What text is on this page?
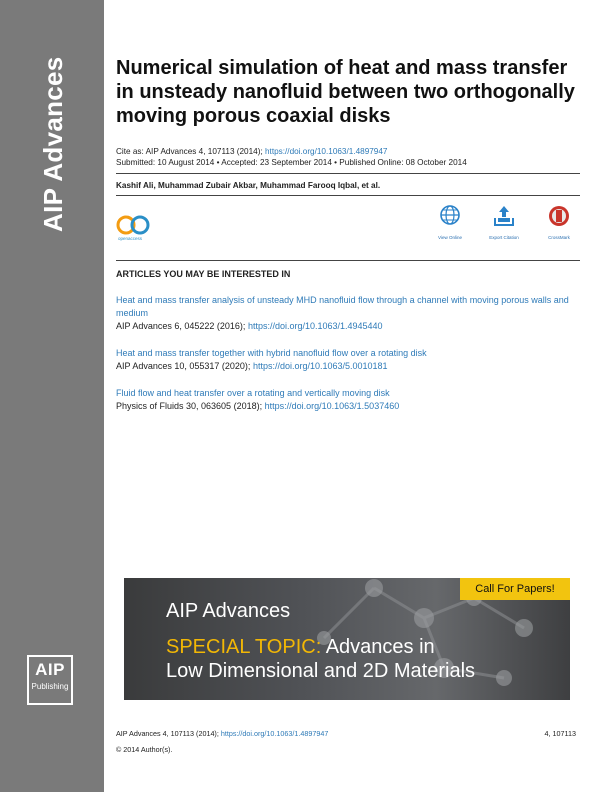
AIP Advances
AIP
Publishing
Numerical simulation of heat and mass transfer in unsteady nanofluid between two orthogonally moving porous coaxial disks
Cite as: AIP Advances 4, 107113 (2014); https://doi.org/10.1063/1.4897947
Submitted: 10 August 2014 • Accepted: 23 September 2014 • Published Online: 08 October 2014
Kashif Ali, Muhammad Zubair Akbar, Muhammad Farooq Iqbal, et al.
openaccess	View Online	Export Citation	CrossMark
ARTICLES YOU MAY BE INTERESTED IN
Heat and mass transfer analysis of unsteady MHD nanofluid flow through a channel with moving porous walls and medium
AIP Advances 6, 045222 (2016); https://doi.org/10.1063/1.4945440
Heat and mass transfer together with hybrid nanofluid flow over a rotating disk
AIP Advances 10, 055317 (2020); https://doi.org/10.1063/5.0010181
Fluid flow and heat transfer over a rotating and vertically moving disk
Physics of Fluids 30, 063605 (2018); https://doi.org/10.1063/1.5037460
Call For Papers!
AIP Advances
SPECIAL TOPIC: Advances in
Low Dimensional and 2D Materials
AIP Advances 4, 107113 (2014); https://doi.org/10.1063/1.4897947	4, 107113
© 2014 Author(s).
